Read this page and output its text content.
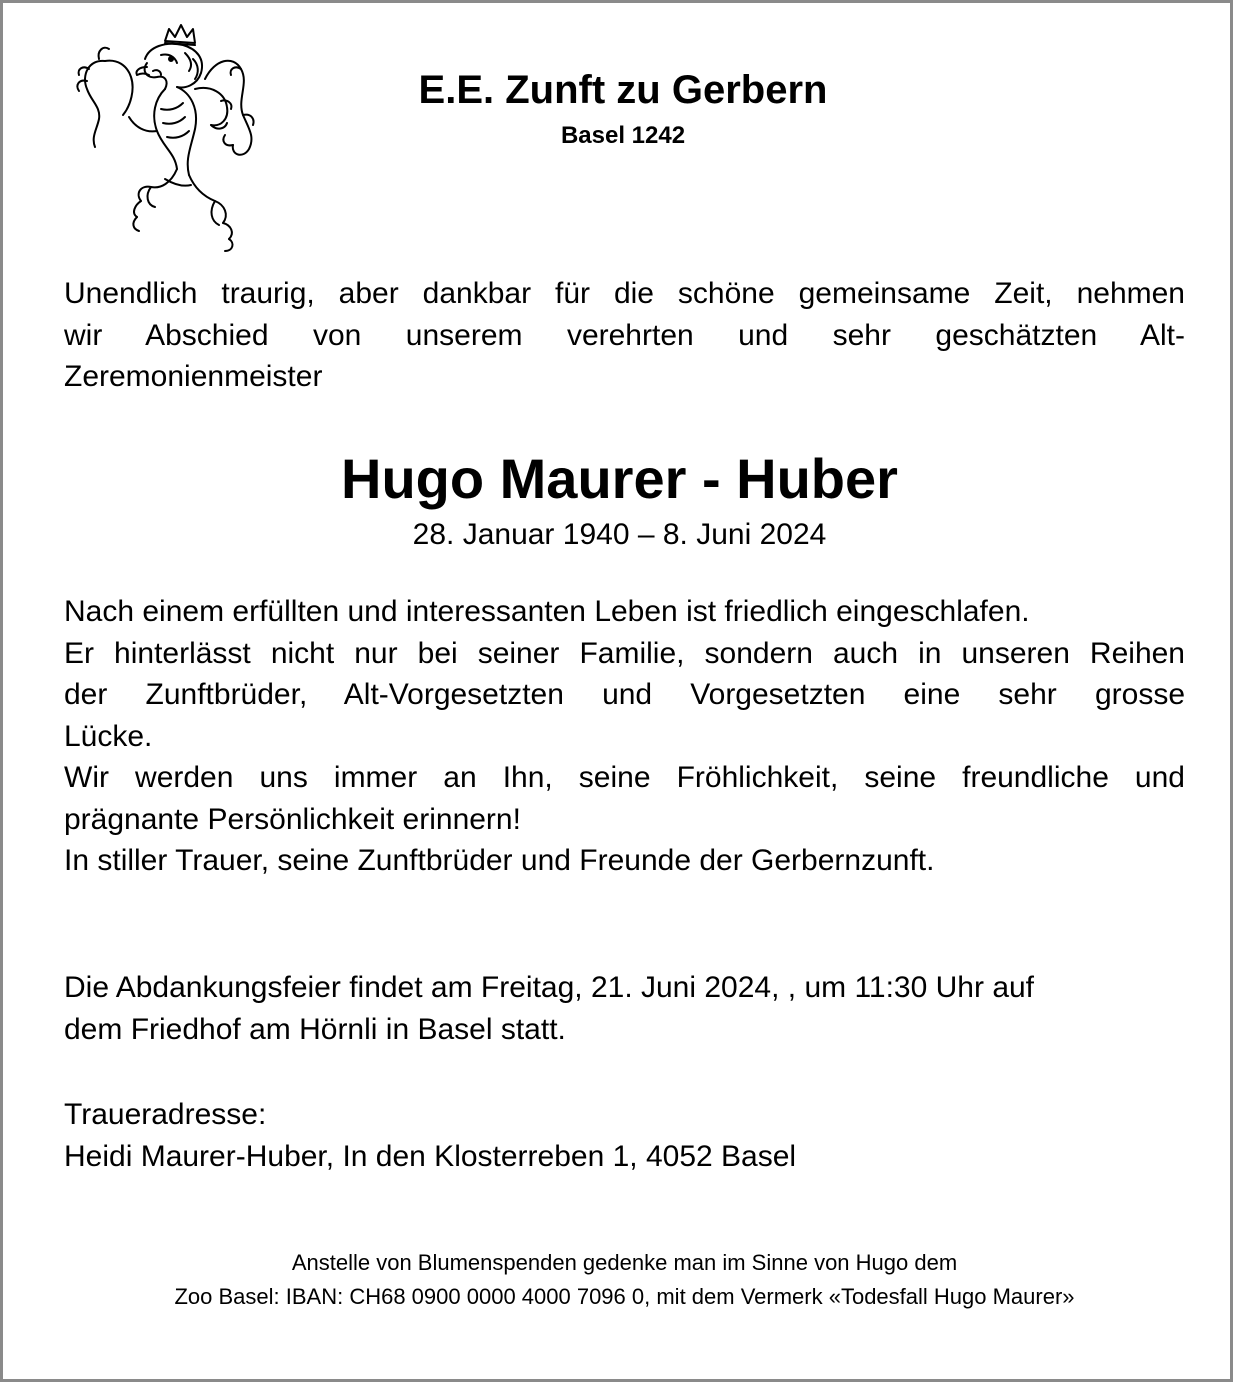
E.E. Zunft zu Gerbern
Basel 1242
Unendlich traurig, aber dankbar für die schöne gemeinsame Zeit, nehmen
wir Abschied von unserem verehrten und sehr geschätzten Alt-
Zeremonienmeister
Hugo Maurer - Huber
28. Januar 1940 – 8. Juni 2024
Nach einem erfüllten und interessanten Leben ist friedlich eingeschlafen.
Er hinterlässt nicht nur bei seiner Familie, sondern auch in unseren Reihen
der Zunftbrüder, Alt-Vorgesetzten und Vorgesetzten eine sehr grosse
Lücke.
Wir werden uns immer an Ihn, seine Fröhlichkeit, seine freundliche und
prägnante Persönlichkeit erinnern!
In stiller Trauer, seine Zunftbrüder und Freunde der Gerbernzunft.
Die Abdankungsfeier findet am Freitag, 21. Juni 2024, , um 11:30 Uhr auf
dem Friedhof am Hörnli in Basel statt.
Traueradresse:
Heidi Maurer-Huber, In den Klosterreben 1, 4052 Basel
Anstelle von Blumenspenden gedenke man im Sinne von Hugo dem
Zoo Basel: IBAN: CH68 0900 0000 4000 7096 0, mit dem Vermerk «Todesfall Hugo Maurer»
